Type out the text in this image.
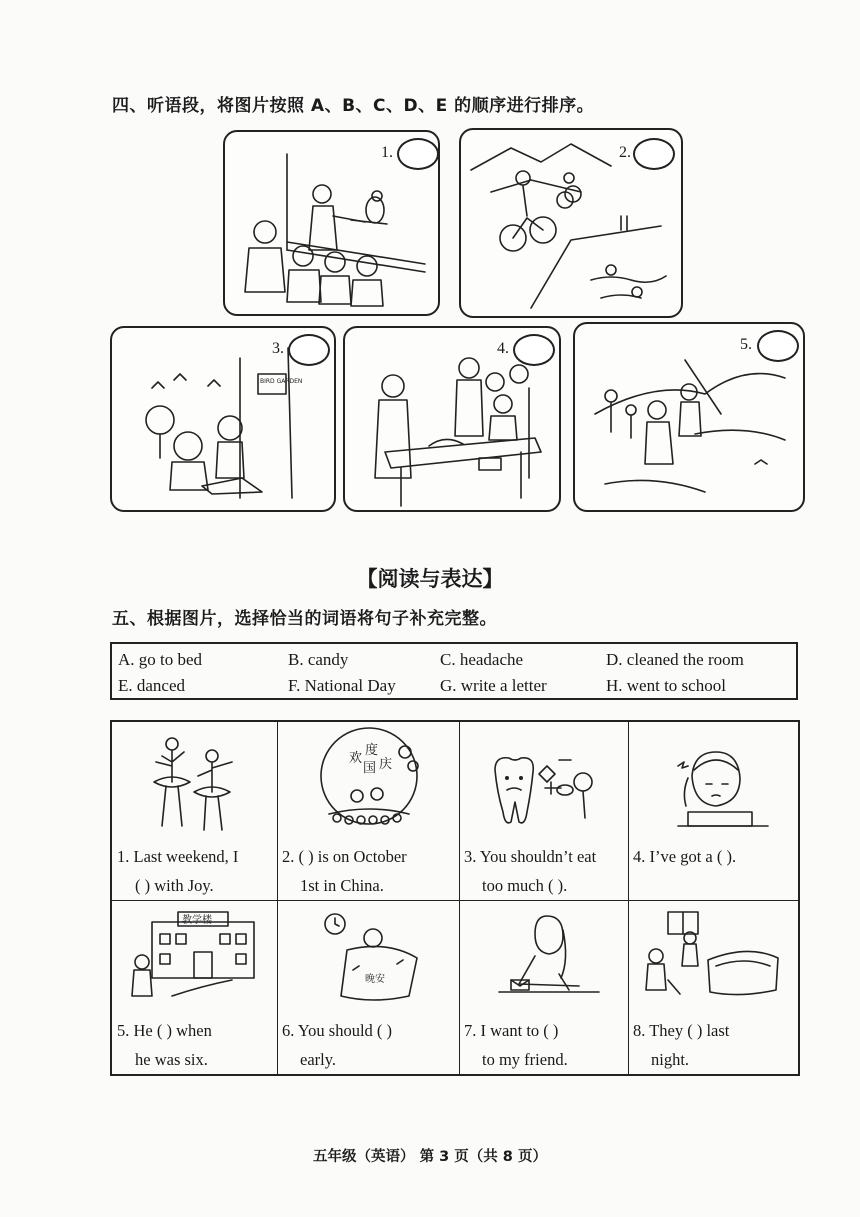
四、听语段，将图片按照 A、B、C、D、E 的顺序进行排序。
1.	2.
BIRD GARDEN
3.	4.	5.
【阅读与表达】
五、根据图片，选择恰当的词语将句子补充完整。
A. go to bed	B. candy	C. headache	D. cleaned the room
E. danced	F. National Day	G. write a letter	H. went to school
1. Last weekend, I
( ) with Joy.
欢
度
国 庆
2. ( ) is on October
1st in China.
3. You shouldn’t eat
too much ( ).
4. I’ve got a ( ).
教学楼
5. He ( ) when
he was six.
晚安
6. You should ( )
early.
7. I want to ( )
to my friend.
8. They ( ) last
night.
五年级（英语） 第 3 页（共 8 页）
